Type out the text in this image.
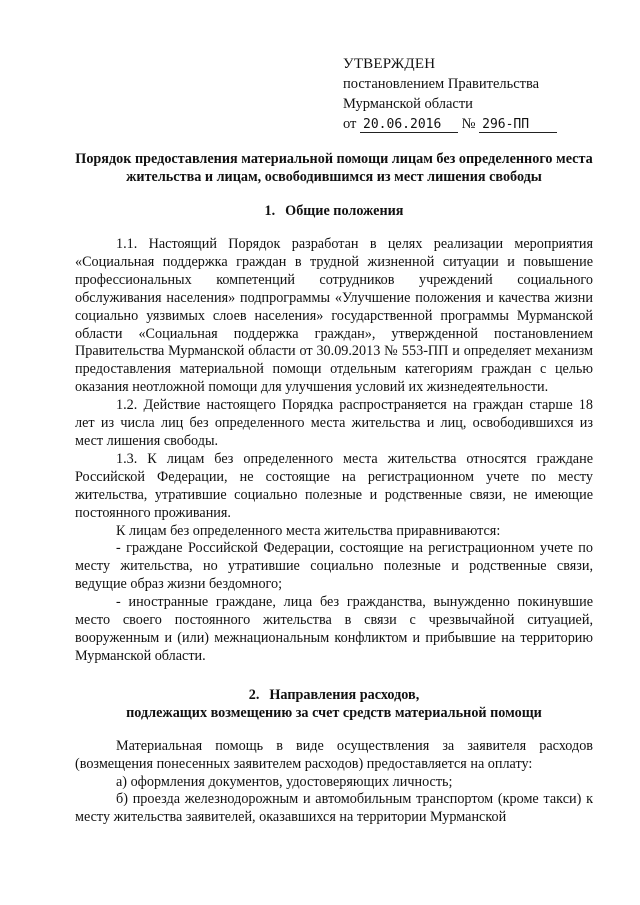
УТВЕРЖДЕН
постановлением Правительства
Мурманской области
от 20.06.2016 № 296-ПП
Порядок предоставления материальной помощи лицам без определенного места жительства и лицам, освободившимся из мест лишения свободы
1. Общие положения

1.1. Настоящий Порядок разработан в целях реализации мероприятия «Социальная поддержка граждан в трудной жизненной ситуации и повышение профессиональных компетенций сотрудников учреждений социального обслуживания населения» подпрограммы «Улучшение положения и качества жизни социально уязвимых слоев населения» государственной программы Мурманской области «Социальная поддержка граждан», утвержденной постановлением Правительства Мурманской области от 30.09.2013 № 553-ПП и определяет механизм предоставления материальной помощи отдельным категориям граждан с целью оказания неотложной помощи для улучшения условий их жизнедеятельности.

1.2. Действие настоящего Порядка распространяется на граждан старше 18 лет из числа лиц без определенного места жительства и лиц, освободившихся из мест лишения свободы.

1.3. К лицам без определенного места жительства относятся граждане Российской Федерации, не состоящие на регистрационном учете по месту жительства, утратившие социально полезные и родственные связи, не имеющие постоянного проживания.

К лицам без определенного места жительства приравниваются:

- граждане Российской Федерации, состоящие на регистрационном учете по месту жительства, но утратившие социально полезные и родственные связи, ведущие образ жизни бездомного;

- иностранные граждане, лица без гражданства, вынужденно покинувшие место своего постоянного жительства в связи с чрезвычайной ситуацией, вооруженным и (или) межнациональным конфликтом и прибывшие на территорию Мурманской области.

2. Направления расходов,
подлежащих возмещению за счет средств материальной помощи

Материальная помощь в виде осуществления за заявителя расходов (возмещения понесенных заявителем расходов) предоставляется на оплату:

а) оформления документов, удостоверяющих личность;

б) проезда железнодорожным и автомобильным транспортом (кроме такси) к месту жительства заявителей, оказавшихся на территории Мурманской
